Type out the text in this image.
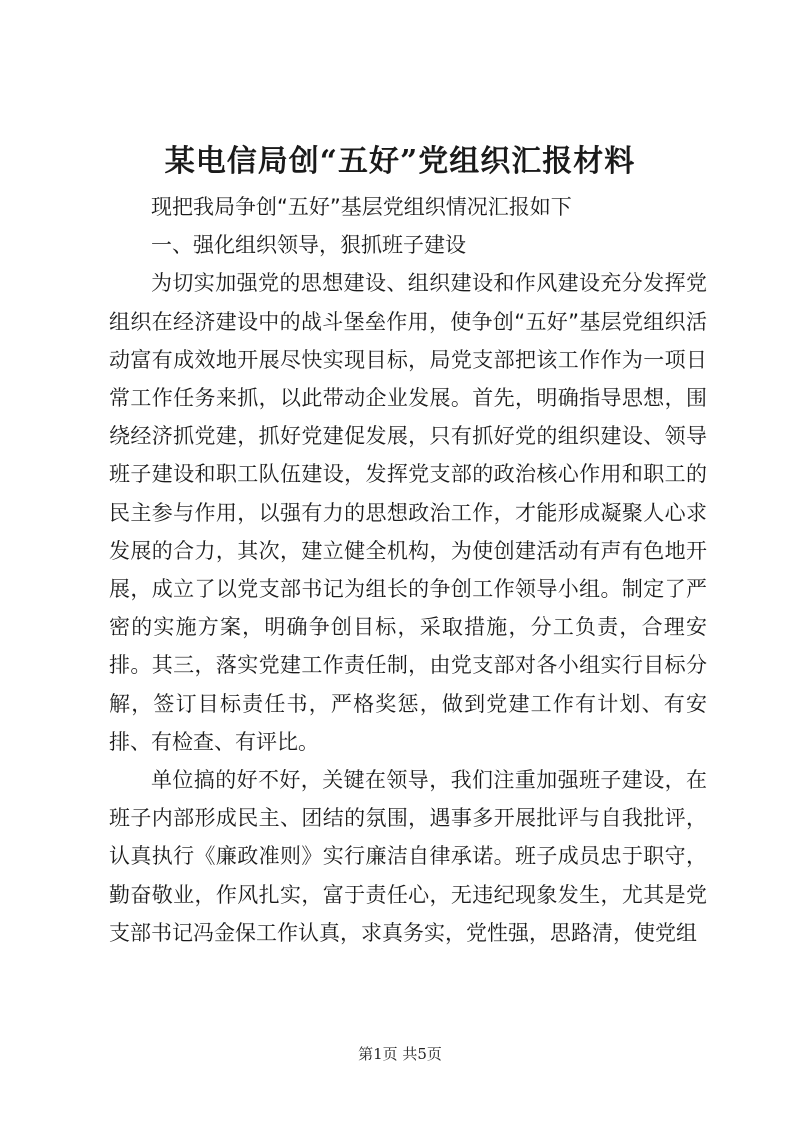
某电信局创“五好”党组织汇报材料

现把我局争创“五好”基层党组织情况汇报如下

一、强化组织领导，狠抓班子建设

为切实加强党的思想建设、组织建设和作风建设充分发挥党组织在经济建设中的战斗堡垒作用，使争创“五好”基层党组织活动富有成效地开展尽快实现目标，局党支部把该工作作为一项日常工作任务来抓，以此带动企业发展。首先，明确指导思想，围绕经济抓党建，抓好党建促发展，只有抓好党的组织建设、领导班子建设和职工队伍建设，发挥党支部的政治核心作用和职工的民主参与作用，以强有力的思想政治工作，才能形成凝聚人心求发展的合力，其次，建立健全机构，为使创建活动有声有色地开展，成立了以党支部书记为组长的争创工作领导小组。制定了严密的实施方案，明确争创目标，采取措施，分工负责，合理安排。其三，落实党建工作责任制，由党支部对各小组实行目标分解，签订目标责任书，严格奖惩，做到党建工作有计划、有安排、有检查、有评比。

单位搞的好不好，关键在领导，我们注重加强班子建设，在班子内部形成民主、团结的氛围，遇事多开展批评与自我批评，认真执行《廉政准则》实行廉洁自律承诺。班子成员忠于职守，勤奋敬业，作风扎实，富于责任心，无违纪现象发生，尤其是党支部书记冯金保工作认真，求真务实，党性强，思路清，使党组

第1页 共5页
